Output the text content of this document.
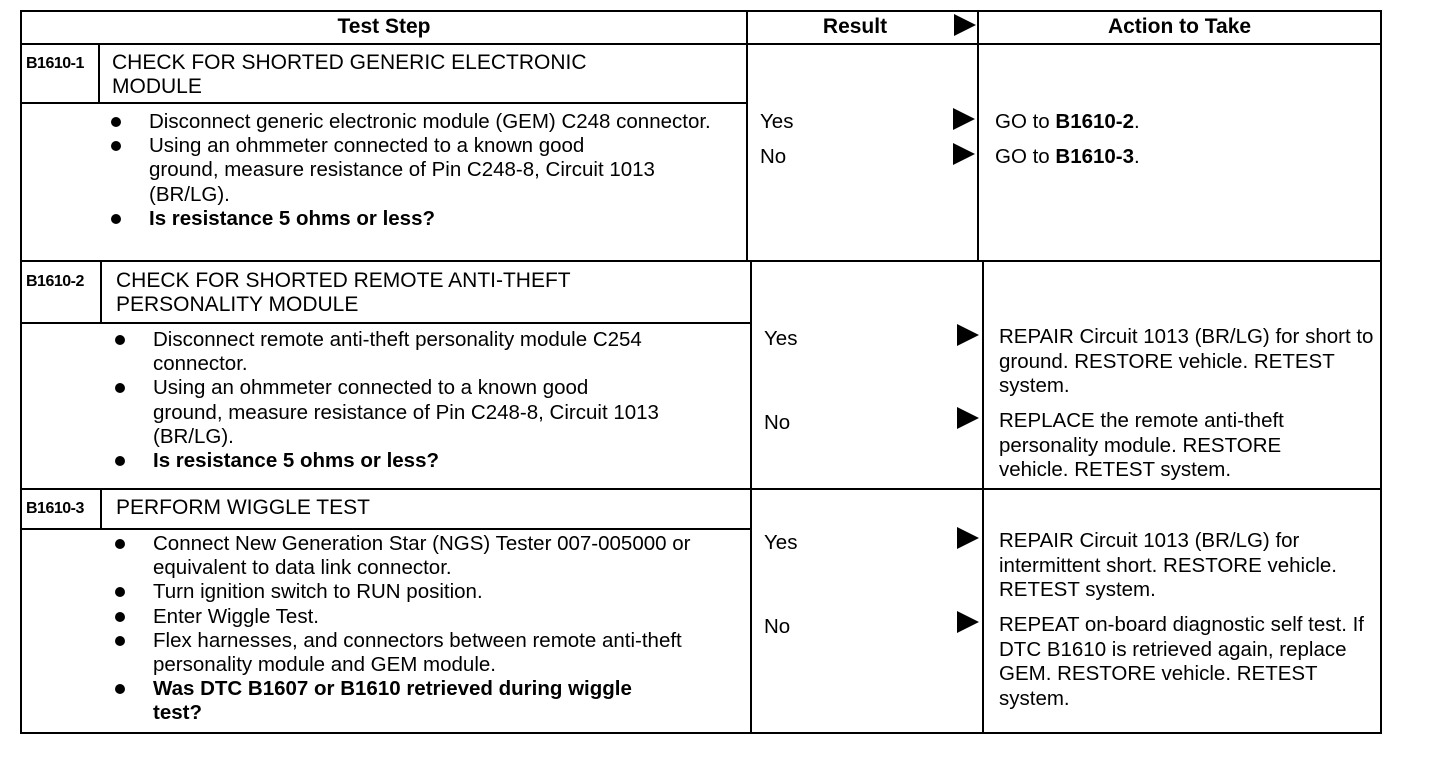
Test Step	Result	Action to Take
B1610-1 CHECK FOR SHORTED GENERIC ELECTRONIC MODULE
Disconnect generic electronic module (GEM) C248 connector.
Using an ohmmeter connected to a known good ground, measure resistance of Pin C248-8, Circuit 1013 (BR/LG).
Is resistance 5 ohms or less?
Yes
No
GO to B1610-2.
GO to B1610-3.
B1610-2 CHECK FOR SHORTED REMOTE ANTI-THEFT PERSONALITY MODULE
Disconnect remote anti-theft personality module C254 connector.
Using an ohmmeter connected to a known good ground, measure resistance of Pin C248-8, Circuit 1013 (BR/LG).
Is resistance 5 ohms or less?
Yes
No
REPAIR Circuit 1013 (BR/LG) for short to ground. RESTORE vehicle. RETEST system.
REPLACE the remote anti-theft personality module. RESTORE vehicle. RETEST system.
B1610-3 PERFORM WIGGLE TEST
Connect New Generation Star (NGS) Tester 007-005000 or equivalent to data link connector.
Turn ignition switch to RUN position.
Enter Wiggle Test.
Flex harnesses, and connectors between remote anti-theft personality module and GEM module.
Was DTC B1607 or B1610 retrieved during wiggle test?
Yes
No
REPAIR Circuit 1013 (BR/LG) for intermittent short. RESTORE vehicle. RETEST system.
REPEAT on-board diagnostic self test. If DTC B1610 is retrieved again, replace GEM. RESTORE vehicle. RETEST system.
